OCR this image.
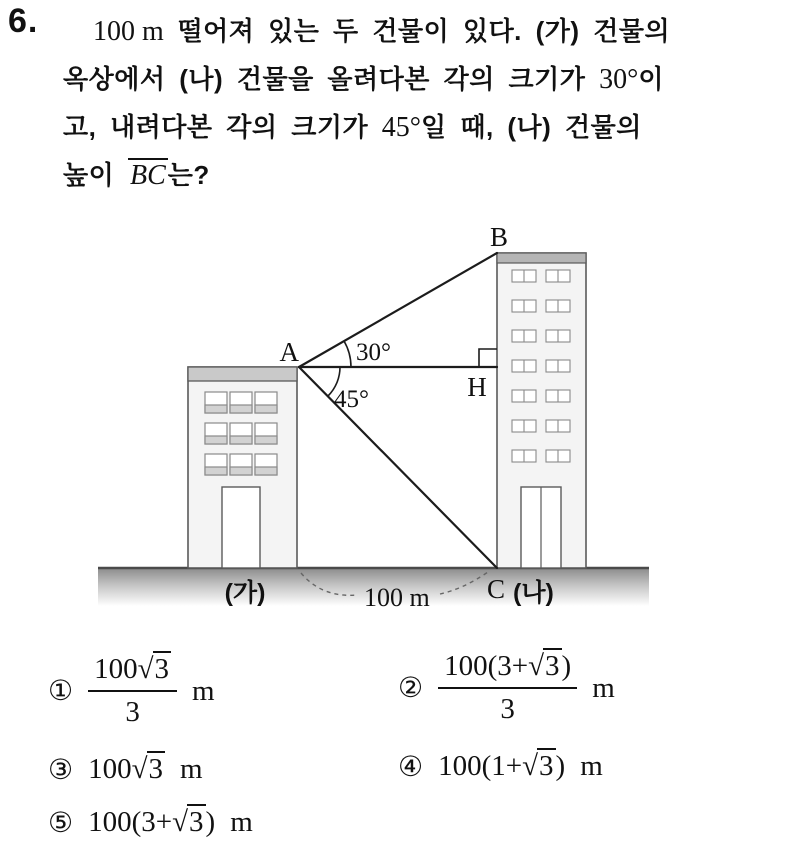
6. 100 m 떨어져 있는 두 건물이 있다. (가) 건물의
옥상에서 (나) 건물을 올려다본 각의 크기가 30°이
고, 내려다본 각의 크기가 45°일 때, (나) 건물의
높이 BC는?
A
B
H
C
30°
45°
100 m
(가)	(나)
① $\frac{100√3}{3}$ m	② $\frac{100(3+√3)}{3}$ m
③ 100√3 m	④ 100(1+√3) m
⑤ 100(3+√3) m
